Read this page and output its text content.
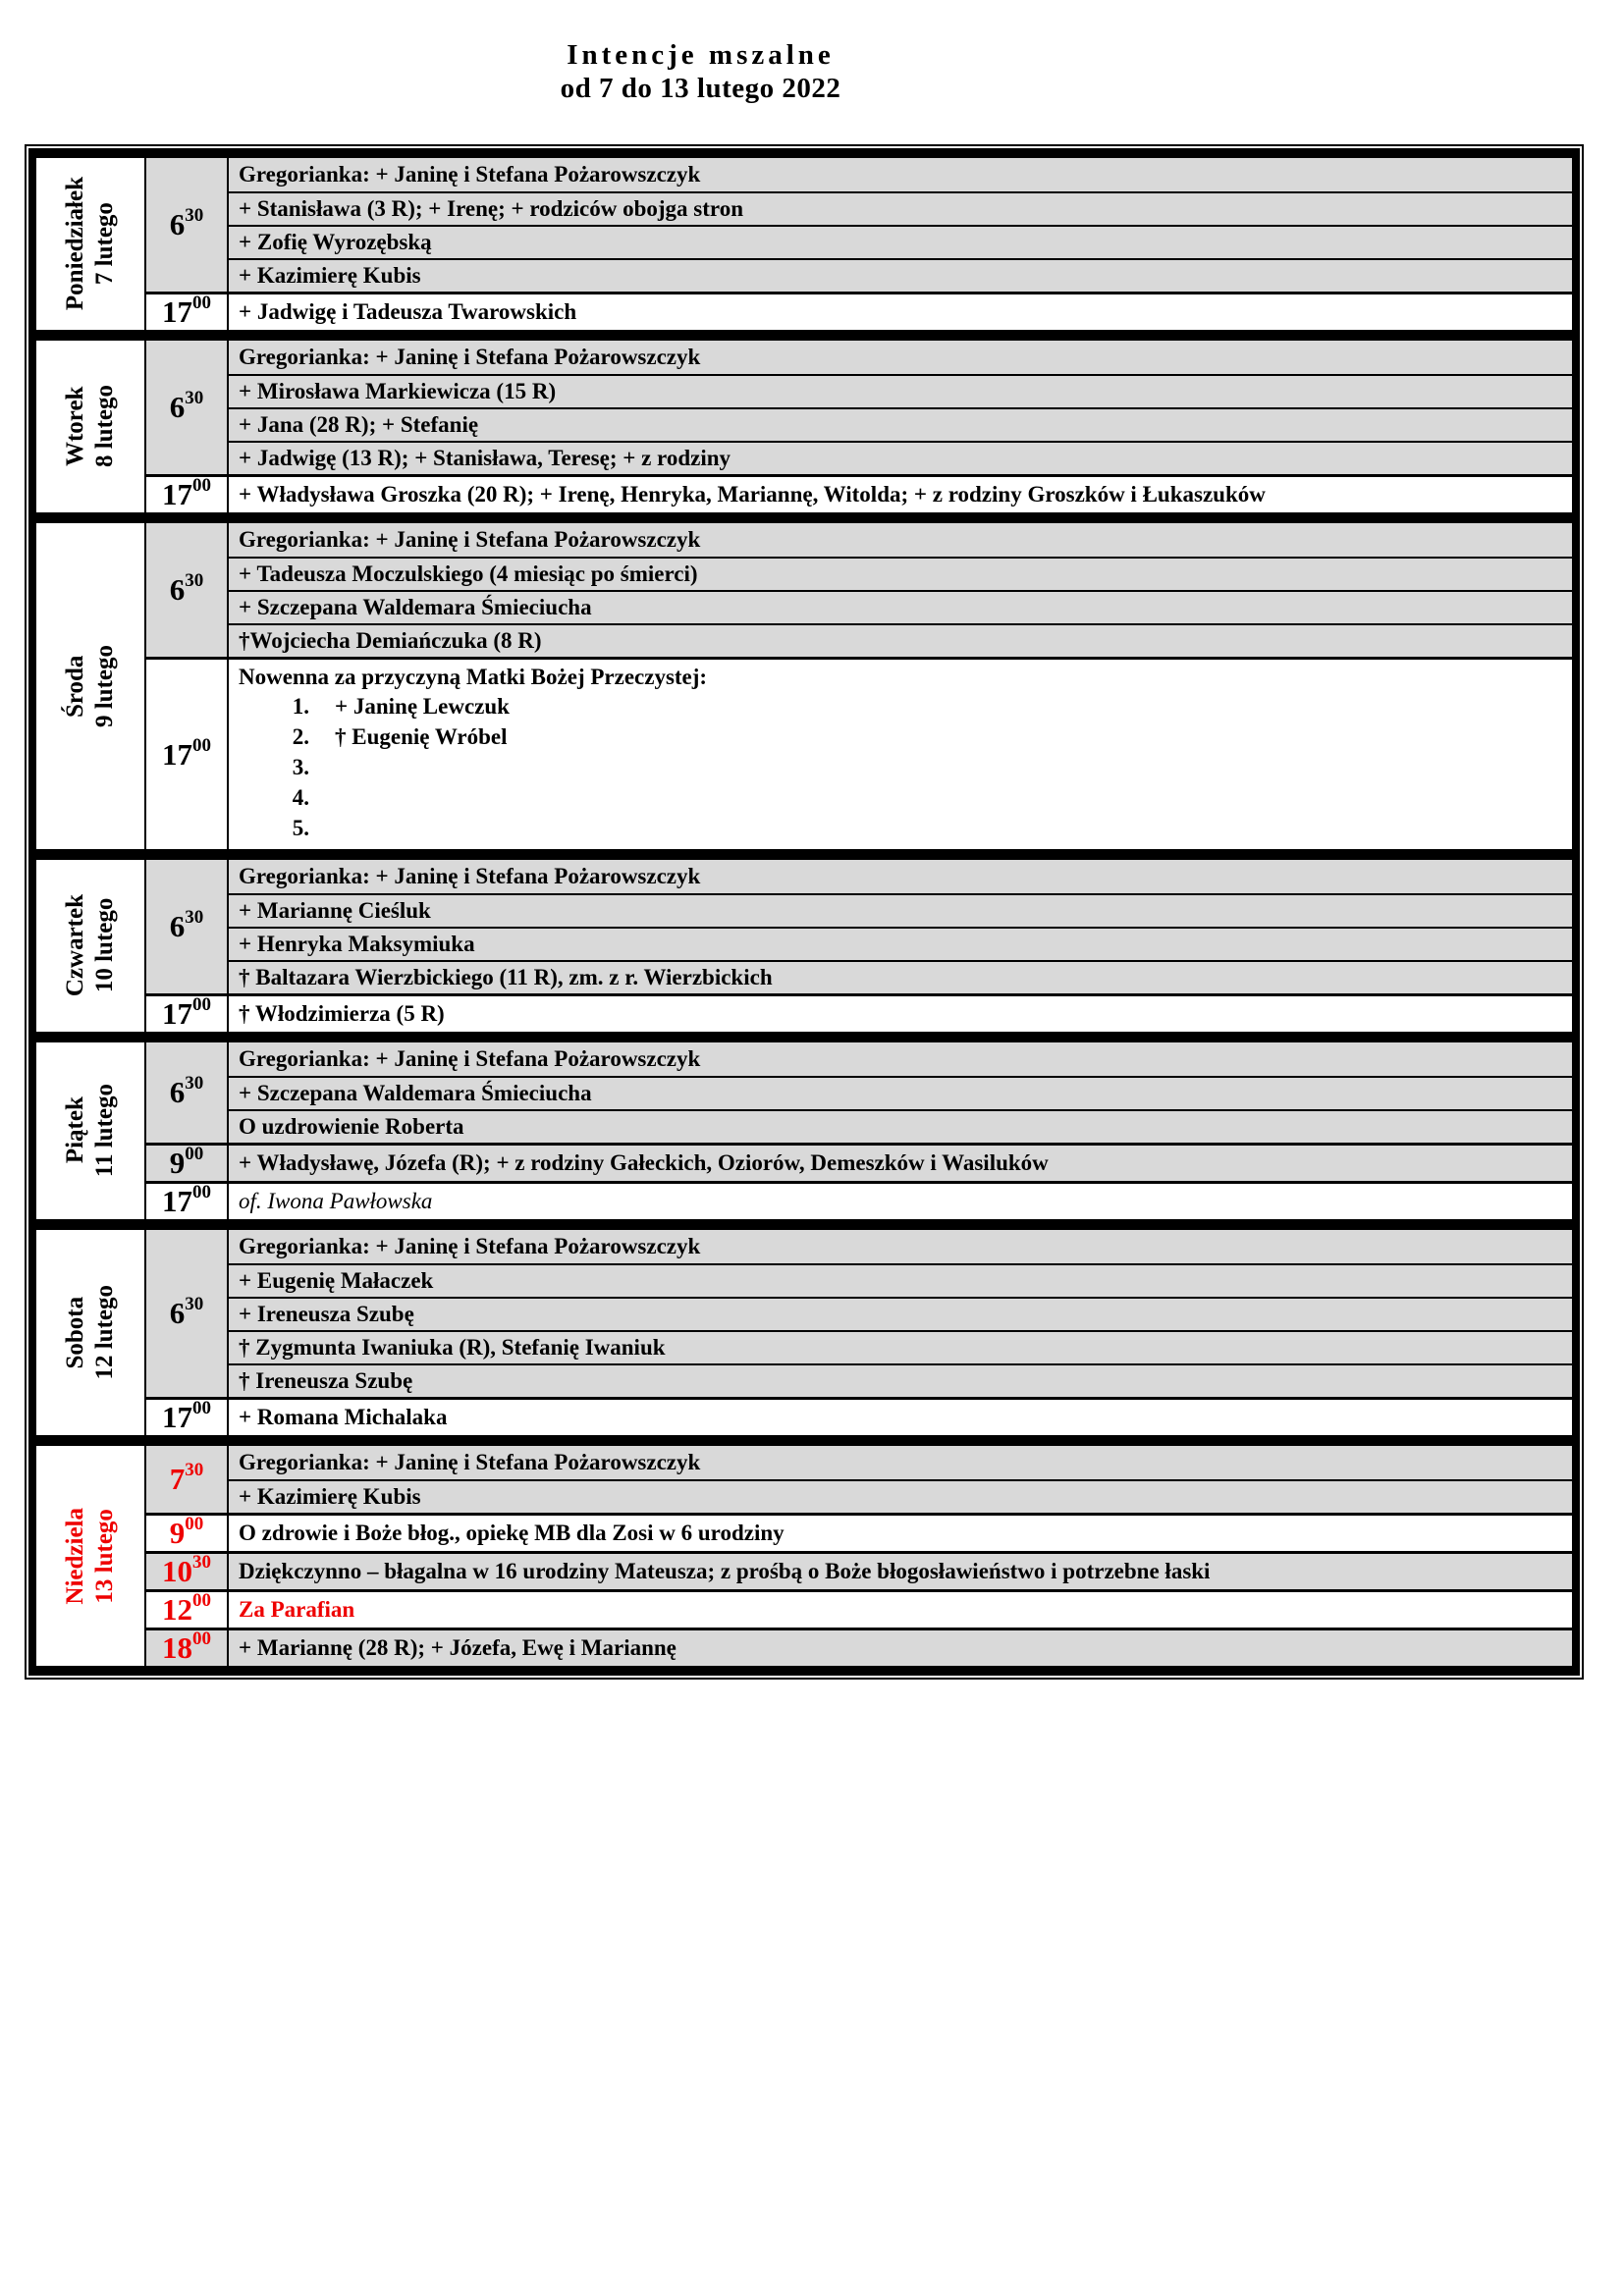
Intencje mszalne
od 7 do 13 lutego 2022
Poniedziałek 7 lutego $6^{30}$
Gregorianka: + Janinę i Stefana Pożarowszczyk
+ Stanisława (3 R); + Irenę; + rodziców obojga stron
+ Zofię Wyrozębską
+ Kazimierę Kubis
$17^{00}$ + Jadwigę i Tadeusza Twarowskich
Wtorek 8 lutego $6^{30}$
Gregorianka: + Janinę i Stefana Pożarowszczyk
+ Mirosława Markiewicza (15 R)
+ Jana (28 R); + Stefanię
+ Jadwigę (13 R); + Stanisława, Teresę; + z rodziny
$17^{00}$ + Władysława Groszka (20 R); + Irenę, Henryka, Mariannę, Witolda; + z rodziny Groszków i Łukaszuków
Środa 9 lutego
$6^{30}$
Gregorianka: + Janinę i Stefana Pożarowszczyk
+ Tadeusza Moczulskiego (4 miesiąc po śmierci)
+ Szczepana Waldemara Śmieciucha
†Wojciecha Demiańczuka (8 R)
$17^{00}$
Nowenna za przyczyną Matki Bożej Przeczystej:
1. + Janinę Lewczuk
2. † Eugenię Wróbel
3.
4.
5.
Czwartek 10 lutego $6^{30}$
Gregorianka: + Janinę i Stefana Pożarowszczyk
+ Mariannę Cieśluk
+ Henryka Maksymiuka
† Baltazara Wierzbickiego (11 R), zm. z r. Wierzbickich
$17^{00}$ † Włodzimierza (5 R)
Piątek 11 lutego $6^{30}$
Gregorianka: + Janinę i Stefana Pożarowszczyk
+ Szczepana Waldemara Śmieciucha
O uzdrowienie Roberta
$9^{00}$ + Władysławę, Józefa (R); + z rodziny Gałeckich, Oziorów, Demeszków i Wasiluków
$17^{00}$ of. Iwona Pawłowska
Sobota 12 lutego $6^{30}$
Gregorianka: + Janinę i Stefana Pożarowszczyk
+ Eugenię Małaczek
+ Ireneusza Szubę
† Zygmunta Iwaniuka (R), Stefanię Iwaniuk
† Ireneusza Szubę
$17^{00}$ + Romana Michalaka
Niedziela 13 lutego
$7^{30}$ Gregorianka: + Janinę i Stefana Pożarowszczyk
+ Kazimierę Kubis
$9^{00}$ O zdrowie i Boże błog., opiekę MB dla Zosi w 6 urodziny
$10^{30}$ Dziękczynno – błagalna w 16 urodziny Mateusza; z prośbą o Boże błogosławieństwo i potrzebne łaski
$12^{00}$ Za Parafian
$18^{00}$ + Mariannę (28 R); + Józefa, Ewę i Mariannę
